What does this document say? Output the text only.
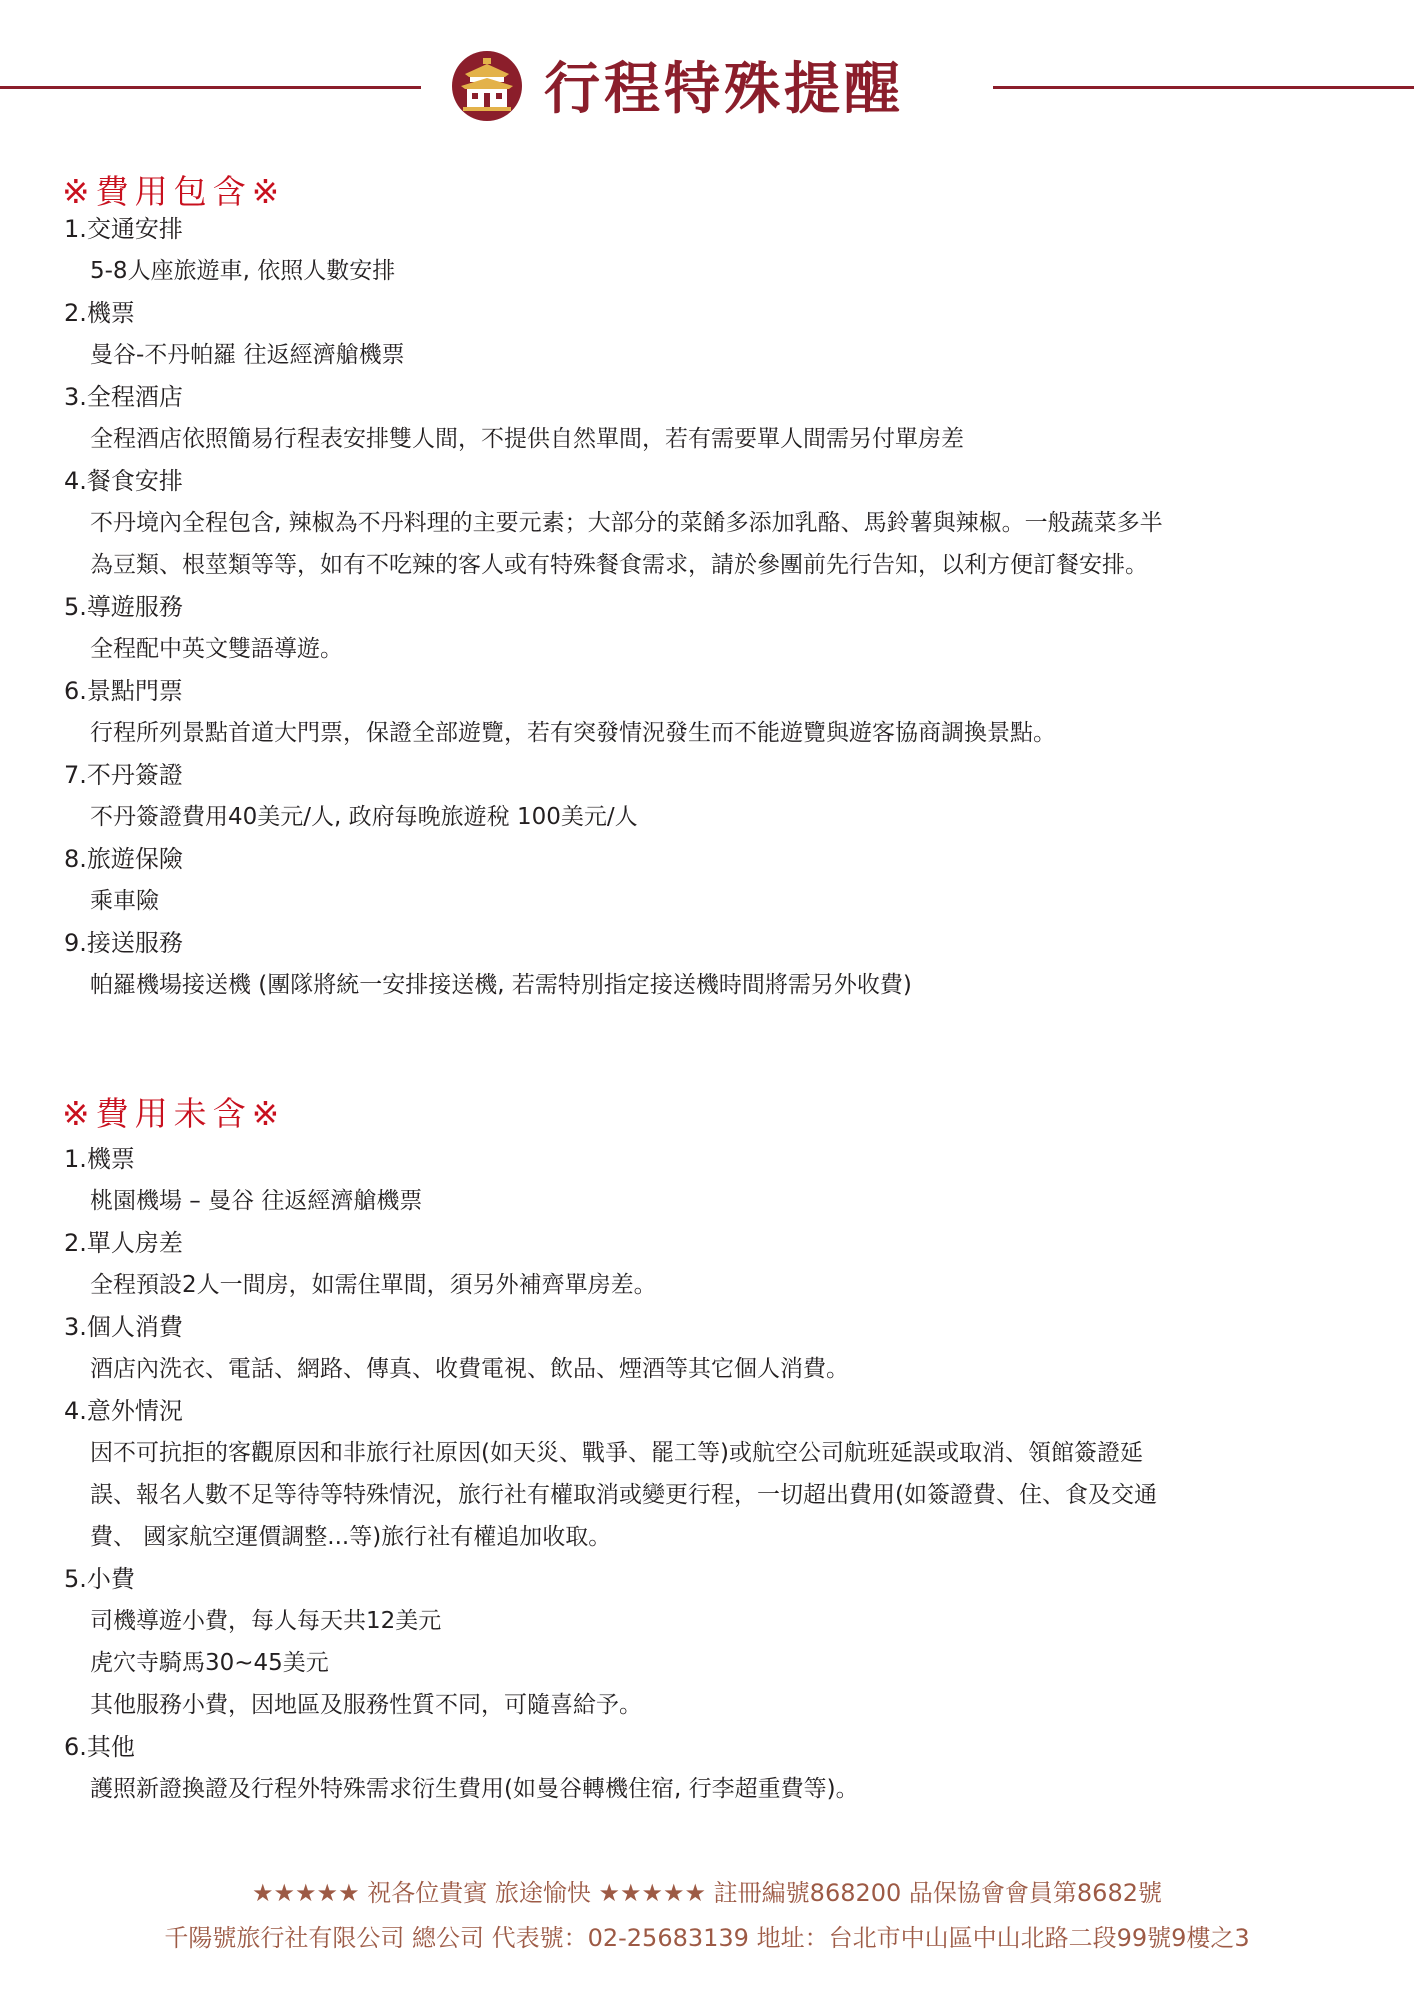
行程特殊提醒
※費用包含※
1.交通安排
5-8人座旅遊車, 依照人數安排
2.機票
曼谷-不丹帕羅 往返經濟艙機票
3.全程酒店
全程酒店依照簡易行程表安排雙人間，不提供自然單間，若有需要單人間需另付單房差
4.餐食安排
不丹境內全程包含, 辣椒為不丹料理的主要元素；大部分的菜餚多添加乳酪、馬鈴薯與辣椒。一般蔬菜多半
為豆類、根莖類等等，如有不吃辣的客人或有特殊餐食需求，請於參團前先行告知，以利方便訂餐安排。
5.導遊服務
全程配中英文雙語導遊。
6.景點門票
行程所列景點首道大門票，保證全部遊覽，若有突發情況發生而不能遊覽與遊客協商調換景點。
7.不丹簽證
不丹簽證費用40美元/人, 政府每晚旅遊稅 100美元/人
8.旅遊保險
乘車險
9.接送服務
帕羅機場接送機 (團隊將統一安排接送機, 若需特別指定接送機時間將需另外收費)
※費用未含※
1.機票
桃園機場 – 曼谷 往返經濟艙機票
2.單人房差
全程預設2人一間房，如需住單間，須另外補齊單房差。
3.個人消費
酒店內洗衣、電話、網路、傳真、收費電視、飲品、煙酒等其它個人消費。
4.意外情況
因不可抗拒的客觀原因和非旅行社原因(如天災、戰爭、罷工等)或航空公司航班延誤或取消、領館簽證延
誤、報名人數不足等待等特殊情況，旅行社有權取消或變更行程，一切超出費用(如簽證費、住、食及交通
費、 國家航空運價調整...等)旅行社有權追加收取。
5.小費
司機導遊小費，每人每天共12美元
虎穴寺騎馬30~45美元
其他服務小費，因地區及服務性質不同，可隨喜給予。
6.其他
護照新證換證及行程外特殊需求衍生費用(如曼谷轉機住宿, 行李超重費等)。
★★★★★ 祝各位貴賓 旅途愉快 ★★★★★ 註冊編號868200 品保協會會員第8682號
千陽號旅行社有限公司 總公司 代表號：02-25683139 地址：台北市中山區中山北路二段99號9樓之3
